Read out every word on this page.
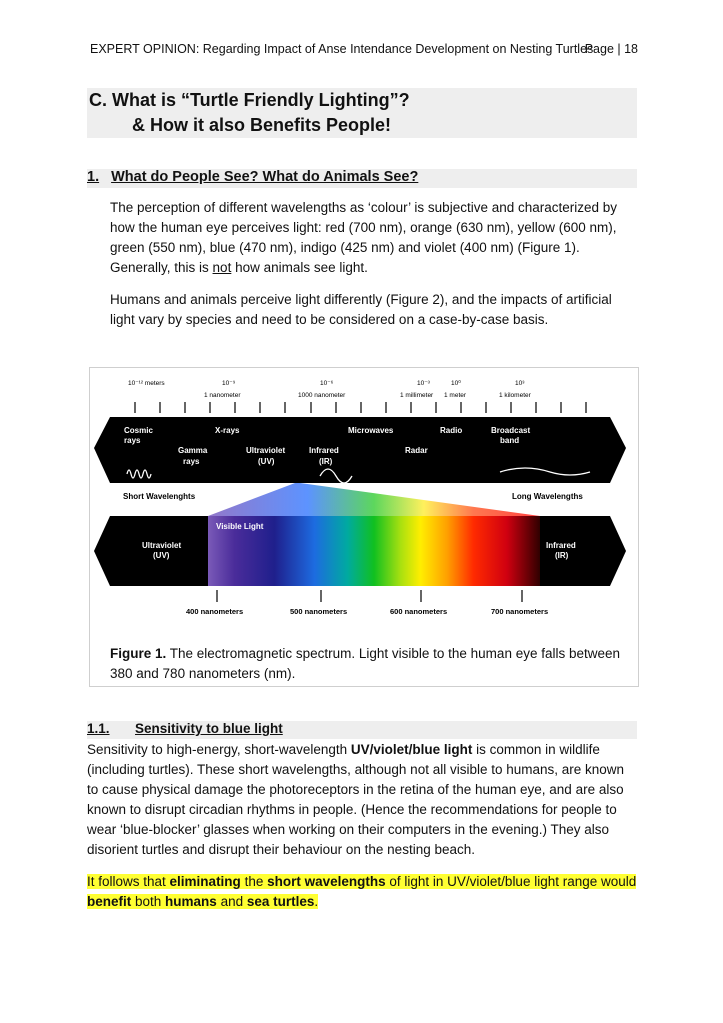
EXPERT OPINION: Regarding Impact of Anse Intendance Development on Nesting Turtles
Page | 18
C. What is “Turtle Friendly Lighting”?
& How it also Benefits People!
1. What do People See? What do Animals See?
The perception of different wavelengths as ‘colour’ is subjective and characterized by how the human eye perceives light: red (700 nm), orange (630 nm), yellow (600 nm), green (550 nm), blue (470 nm), indigo (425 nm) and violet (400 nm) (Figure 1). Generally, this is not how animals see light.
Humans and animals perceive light differently (Figure 2), and the impacts of artificial light vary by species and need to be considered on a case-by-case basis.
10⁻¹² meters	10⁻⁹
1 nanometer
10⁻⁶
1000 nanometer
10⁻³
1 millimeter
10⁰
1 meter
10³
1 kilometer
Cosmic
rays
Gamma
rays
X-rays
Ultraviolet
(UV)
Infrared
(IR)
Microwaves
Radar
Radio	Broadcast
band
Short Wavelenghts	Long Wavelengths
Visible Light
Ultraviolet
(UV)
Infrared
(IR)
400 nanometers	500 nanometers	600 nanometers	700 nanometers
Figure 1. The electromagnetic spectrum. Light visible to the human eye falls between 380 and 780 nanometers (nm).
1.1. Sensitivity to blue light
Sensitivity to high-energy, short-wavelength UV/violet/blue light is common in wildlife (including turtles). These short wavelengths, although not all visible to humans, are known to cause physical damage the photoreceptors in the retina of the human eye, and are also known to disrupt circadian rhythms in people. (Hence the recommendations for people to wear ‘blue-blocker’ glasses when working on their computers in the evening.) They also disorient turtles and disrupt their behaviour on the nesting beach.
It follows that eliminating the short wavelengths of light in UV/violet/blue light range would benefit both humans and sea turtles.
